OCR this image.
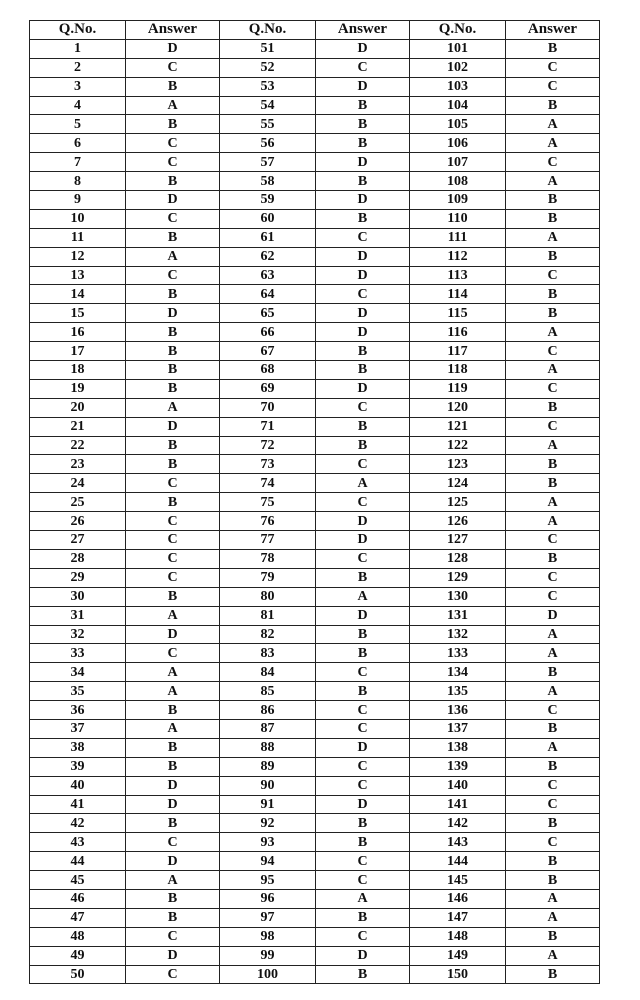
Q.No.	Answer	Q.No.	Answer	Q.No.	Answer
1	D	51	D	101	B
2	C	52	C	102	C
3	B	53	D	103	C
4	A	54	B	104	B
5	B	55	B	105	A
6	C	56	B	106	A
7	C	57	D	107	C
8	B	58	B	108	A
9	D	59	D	109	B
10	C	60	B	110	B
11	B	61	C	111	A
12	A	62	D	112	B
13	C	63	D	113	C
14	B	64	C	114	B
15	D	65	D	115	B
16	B	66	D	116	A
17	B	67	B	117	C
18	B	68	B	118	A
19	B	69	D	119	C
20	A	70	C	120	B
21	D	71	B	121	C
22	B	72	B	122	A
23	B	73	C	123	B
24	C	74	A	124	B
25	B	75	C	125	A
26	C	76	D	126	A
27	C	77	D	127	C
28	C	78	C	128	B
29	C	79	B	129	C
30	B	80	A	130	C
31	A	81	D	131	D
32	D	82	B	132	A
33	C	83	B	133	A
34	A	84	C	134	B
35	A	85	B	135	A
36	B	86	C	136	C
37	A	87	C	137	B
38	B	88	D	138	A
39	B	89	C	139	B
40	D	90	C	140	C
41	D	91	D	141	C
42	B	92	B	142	B
43	C	93	B	143	C
44	D	94	C	144	B
45	A	95	C	145	B
46	B	96	A	146	A
47	B	97	B	147	A
48	C	98	C	148	B
49	D	99	D	149	A
50	C	100	B	150	B
